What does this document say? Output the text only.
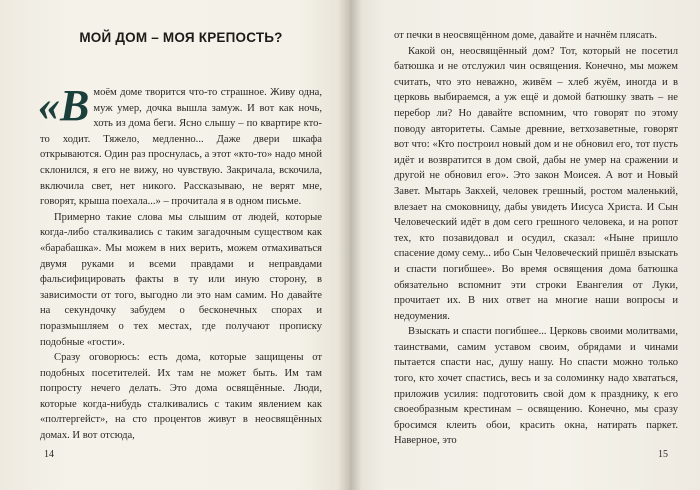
МОЙ ДОМ – МОЯ КРЕПОСТЬ?

«Вмоём доме творится что-то страшное. Живу одна, муж умер, дочка вышла замуж. И вот как ночь, хоть из дома беги. Ясно слышу – по квартире кто-то ходит. Тяжело, медленно... Даже двери шкафа открываются. Один раз проснулась, а этот «кто-то» надо мной склонился, я его не вижу, но чувствую. Закричала, вскочила, включила свет, нет никого. Рассказываю, не верят мне, говорят, крыша поехала...» – прочитала я в одном письме.

Примерно такие слова мы слышим от людей, которые когда-либо сталкивались с таким загадочным существом как «барабашка». Мы можем в них верить, можем отмахиваться двумя руками и всеми правдами и неправдами фальсифицировать факты в ту или иную сторону, в зависимости от того, выгодно ли это нам самим. Но давайте на секундочку забудем о бесконечных спорах и поразмышляем о тех местах, где получают прописку подобные «гости».

Сразу оговорюсь: есть дома, которые защищены от подобных посетителей. Их там не может быть. Им там попросту нечего делать. Это дома освящённые. Люди, которые когда-нибудь сталкивались с таким явлением как «полтергейст», на сто процентов живут в неосвящённых домах. И вот отсюда,

14

от печки в неосвящённом доме, давайте и начнём плясать.

Какой он, неосвящённый дом? Тот, который не посетил батюшка и не отслужил чин освящения. Конечно, мы можем считать, что это неважно, живём – хлеб жуём, иногда и в церковь выбираемся, а уж ещё и домой батюшку звать – не перебор ли? Но давайте вспомним, что говорят по этому поводу авторитеты. Самые древние, ветхозаветные, говорят вот что: «Кто построил новый дом и не обновил его, тот пусть идёт и возвратится в дом свой, дабы не умер на сражении и другой не обновил его». Это закон Моисея. А вот и Новый Завет. Мытарь Закхей, человек грешный, ростом маленький, влезает на смоковницу, дабы увидеть Иисуса Христа. И Сын Человеческий идёт в дом сего грешного человека, и на ропот тех, кто позавидовал и осудил, сказал: «Ныне пришло спасение дому сему... ибо Сын Человеческий пришёл взыскать и спасти погибшее». Во время освящения дома батюшка обязательно вспомнит эти строки Евангелия от Луки, прочитает их. В них ответ на многие наши вопросы и недоумения.

Взыскать и спасти погибшее... Церковь своими молитвами, таинствами, самим уставом своим, обрядами и чинами пытается спасти нас, душу нашу. Но спасти можно только того, кто хочет спастись, весь и за соломинку надо хвататься, приложив усилия: подготовить свой дом к празднику, к его своеобразным крестинам – освящению. Конечно, мы сразу бросимся клеить обои, красить окна, натирать паркет. Наверное, это

15
